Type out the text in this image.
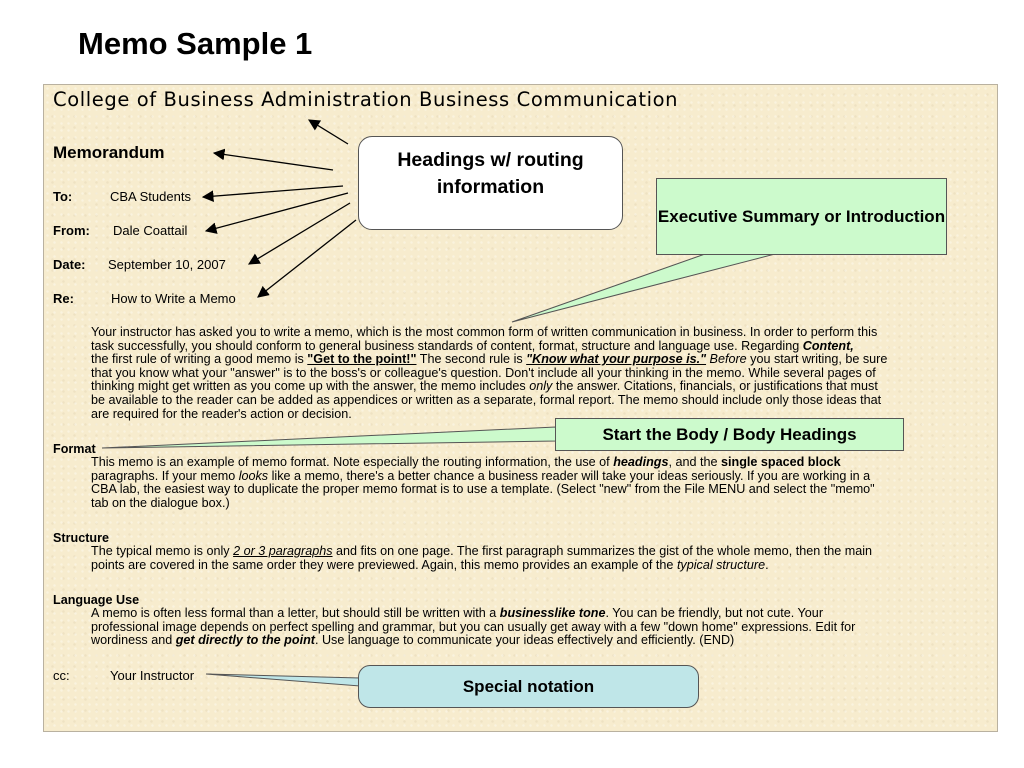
Memo Sample 1
College of Business Administration Business Communication
Memorandum
To:	CBA Students
From: Dale Coattail
Date: September 10, 2007
Re:	How to Write a Memo
Your instructor has asked you to write a memo, which is the most common form of written communication in business. In order to perform this
task successfully, you should conform to general business standards of content, format, structure and language use. Regarding Content,
the first rule of writing a good memo is "Get to the point!" The second rule is "Know what your purpose is." Before you start writing, be sure
that you know what your "answer" is to the boss's or colleague's question. Don't include all your thinking in the memo. While several pages of
thinking might get written as you come up with the answer, the memo includes only the answer. Citations, financials, or justifications that must
be available to the reader can be added as appendices or written as a separate, formal report. The memo should include only those ideas that
are required for the reader's action or decision.
Format
This memo is an example of memo format. Note especially the routing information, the use of headings, and the single spaced block
paragraphs. If your memo looks like a memo, there's a better chance a business reader will take your ideas seriously. If you are working in a
CBA lab, the easiest way to duplicate the proper memo format is to use a template. (Select "new" from the File MENU and select the "memo"
tab on the dialogue box.)
Structure
The typical memo is only 2 or 3 paragraphs and fits on one page. The first paragraph summarizes the gist of the whole memo, then the main
points are covered in the same order they were previewed. Again, this memo provides an example of the typical structure.
Language Use
A memo is often less formal than a letter, but should still be written with a businesslike tone. You can be friendly, but not cute. Your
professional image depends on perfect spelling and grammar, but you can usually get away with a few "down home" expressions. Edit for
wordiness and get directly to the point. Use language to communicate your ideas effectively and efficiently. (END)
cc:	Your Instructor
Headings w/ routing information
Executive Summary or Introduction
Start the Body / Body Headings
Special notation
